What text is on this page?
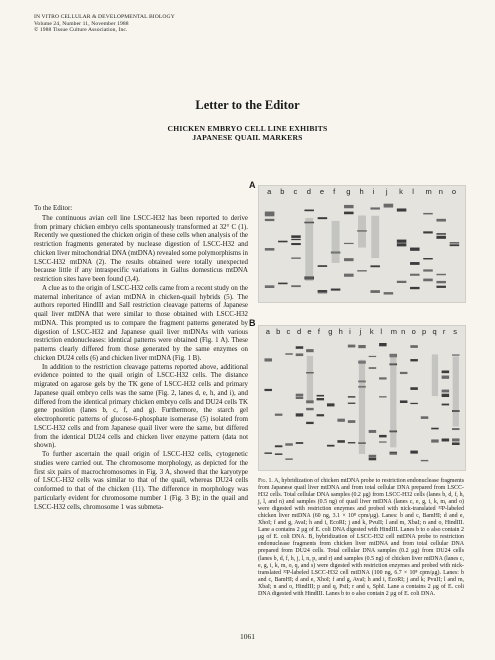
IN VITRO CELLULAR & DEVELOPMENTAL BIOLOGY
Volume 24, Number 11, November 1988
© 1988 Tissue Culture Association, Inc.
Letter to the Editor
CHICKEN EMBRYO CELL LINE EXHIBITS
JAPANESE QUAIL MARKERS

To the Editor:

The continuous avian cell line LSCC-H32 has been reported to derive from primary chicken embryo cells spontaneously transformed at 32° C (1). Recently we questioned the chicken origin of these cells when analysis of the restriction fragments generated by nuclease digestion of LSCC-H32 and chicken liver mitochondrial DNA (mtDNA) revealed some polymorphisms in LSCC-H32 mtDNA (2). The results obtained were totally unexpected because little if any intraspecific variations in Gallus domesticus mtDNA restriction sites have been found (3,4).

A clue as to the origin of LSCC-H32 cells came from a recent study on the maternal inheritance of avian mtDNA in chicken-quail hybrids (5). The authors reported HindIII and SalI restriction cleavage patterns of Japanese quail liver mtDNA that were similar to those obtained with LSCC-H32 mtDNA. This prompted us to compare the fragment patterns generated by digestion of LSCC-H32 and Japanese quail liver mtDNAs with various restriction endonucleases: identical patterns were obtained (Fig. 1 A). These patterns clearly differed from those generated by the same enzymes on chicken DU24 cells (6) and chicken liver mtDNA (Fig. 1 B).

In addition to the restriction cleavage patterns reported above, additional evidence pointed to the quail origin of LSCC-H32 cells. The distance migrated on agarose gels by the TK gene of LSCC-H32 cells and primary Japanese quail embryo cells was the same (Fig. 2, lanes d, e, h, and i), and differed from the identical primary chicken embryo cells and DU24 cells TK gene position (lanes b, c, f, and g). Furthermore, the starch gel electrophoretic patterns of glucose-6-phosphate isomerase (5) isolated from LSCC-H32 cells and from Japanese quail liver were the same, but differed from the identical DU24 cells and chicken liver enzyme pattern (data not shown).

To further ascertain the quail origin of LSCC-H32 cells, cytogenetic studies were carried out. The chromosome morphology, as depicted for the first six pairs of macrochromosomes in Fig. 3 A, showed that the karyotype of LSCC-H32 cells was similar to that of the quail, whereas DU24 cells conformed to that of the chicken (11). The difference in morphology was particularly evident for chromosome number 1 (Fig. 3 B); in the quail and LSCC-H32 cells, chromosome 1 was submeta-

A
a b c d e f g h i j k l m n o
B
a b c d e f g h i j k l m n o p q r s
Fig. 1. A, hybridization of chicken mtDNA probe to restriction endonuclease fragments from Japanese quail liver mtDNA and from total cellular DNA prepared from LSCC-H32 cells. Total cellular DNA samples (0.2 μg) from LSCC-H32 cells (lanes b, d, f, h, j, l, and n) and samples (0.5 ng) of quail liver mtDNA (lanes c, e, g, i, k, m, and o) were digested with restriction enzymes and probed with nick-translated ³²P-labeled chicken liver mtDNA (60 ng, 3.1 × 10⁸ cpm/μg). Lanes: b and c, BamHI; d and e, XhoI; f and g, AvaI; h and i, EcoRI; j and k, PvuII; l and m, XbaI; n and o, HindIII. Lane a contains 2 μg of E. coli DNA digested with HindIII. Lanes b to o also contain 2 μg of E. coli DNA. B, hybridization of LSCC-H32 cell mtDNA probe to restriction endonuclease fragments from chicken liver mtDNA and from total cellular DNA prepared from DU24 cells. Total cellular DNA samples (0.2 μg) from DU24 cells (lanes b, d, f, h, j, l, n, p, and r) and samples (0.5 ng) of chicken liver mtDNA (lanes c, e, g, i, k, m, o, q, and s) were digested with restriction enzymes and probed with nick-translated ³²P-labeled LSCC-H32 cell mtDNA (100 ng, 6.7 × 10⁸ cpm/μg). Lanes: b and c, BamHI; d and e, XhoI; f and g, AvaI; h and i, EcoRI; j and k; PvuII; l and m, XbaI; n and o, HindIII; p and q, PstI; r and s, SphI. Lane a contains 2 μg of E. coli DNA digested with HindIII. Lanes b to o also contain 2 μg of E. coli DNA.
1061
